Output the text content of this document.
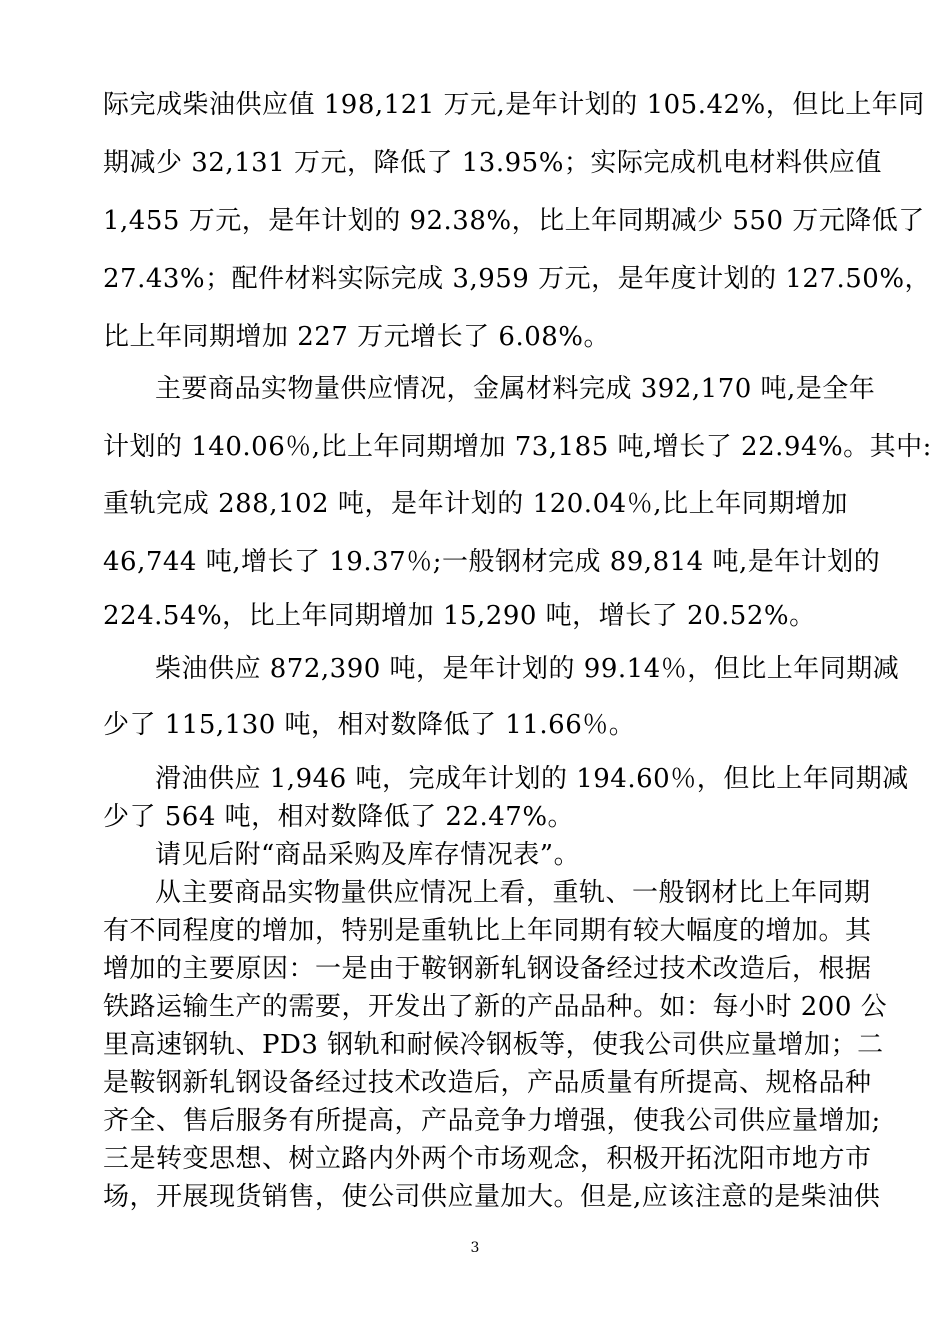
际完成柴油供应值 198,121 万元,是年计划的 105.42%，但比上年同
期减少 32,131 万元，降低了 13.95%；实际完成机电材料供应值
1,455 万元，是年计划的 92.38%，比上年同期减少 550 万元降低了
27.43%；配件材料实际完成 3,959 万元，是年度计划的 127.50%，
比上年同期增加 227 万元增长了 6.08%。
主要商品实物量供应情况，金属材料完成 392,170 吨,是全年
计划的 140.06％,比上年同期增加 73,185 吨,增长了 22.94%。其中:
重轨完成 288,102 吨，是年计划的 120.04％,比上年同期增加
46,744 吨,增长了 19.37％;一般钢材完成 89,814 吨,是年计划的
224.54%，比上年同期增加 15,290 吨，增长了 20.52%。
柴油供应 872,390 吨，是年计划的 99.14％，但比上年同期减
少了 115,130 吨，相对数降低了 11.66％。
滑油供应 1,946 吨，完成年计划的 194.60％，但比上年同期减
少了 564 吨，相对数降低了 22.47%。
请见后附“商品采购及库存情况表”。
从主要商品实物量供应情况上看，重轨、一般钢材比上年同期
有不同程度的增加，特别是重轨比上年同期有较大幅度的增加。其
增加的主要原因：一是由于鞍钢新轧钢设备经过技术改造后，根据
铁路运输生产的需要，开发出了新的产品品种。如：每小时 200 公
里高速钢轨、PD3 钢轨和耐候冷钢板等，使我公司供应量增加；二
是鞍钢新轧钢设备经过技术改造后，产品质量有所提高、规格品种
齐全、售后服务有所提高，产品竞争力增强，使我公司供应量增加;
三是转变思想、树立路内外两个市场观念，积极开拓沈阳市地方市
场，开展现货销售，使公司供应量加大。但是,应该注意的是柴油供
3
